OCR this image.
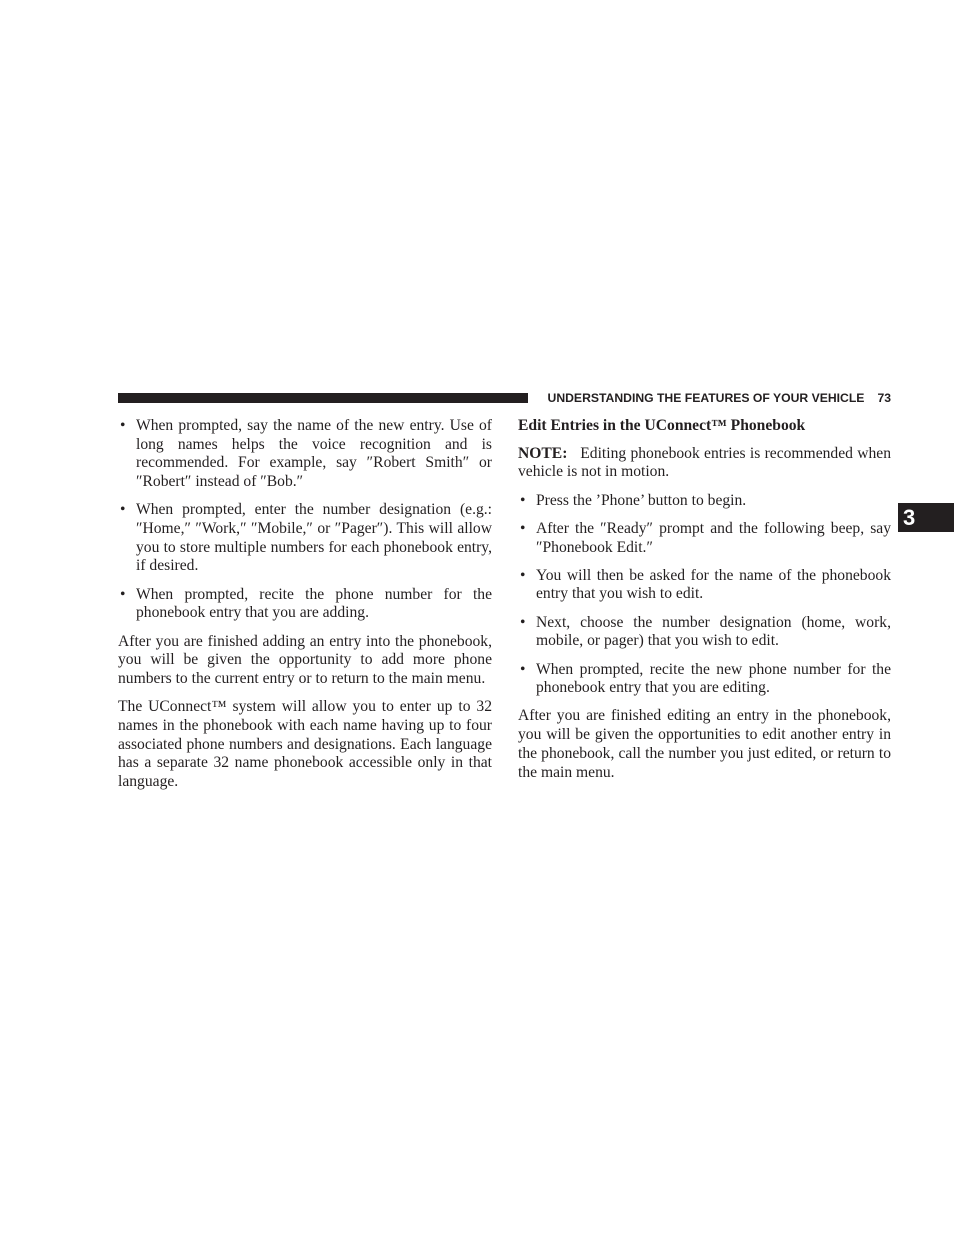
UNDERSTANDING THE FEATURES OF YOUR VEHICLE 73
3
• When prompted, say the name of the new entry. Use of long names helps the voice recognition and is recommended. For example, say ″Robert Smith″ or ″Robert″ instead of ″Bob.″
• When prompted, enter the number designation (e.g.: ″Home,″ ″Work,″ ″Mobile,″ or ″Pager″). This will allow you to store multiple numbers for each phonebook entry, if desired.
• When prompted, recite the phone number for the phonebook entry that you are adding.

After you are finished adding an entry into the phonebook, you will be given the opportunity to add more phone numbers to the current entry or to return to the main menu.

The UConnect™ system will allow you to enter up to 32 names in the phonebook with each name having up to four associated phone numbers and designations. Each language has a separate 32 name phonebook accessible only in that language.

Edit Entries in the UConnect™ Phonebook

NOTE: Editing phonebook entries is recommended when vehicle is not in motion.

• Press the ’Phone’ button to begin.
• After the ″Ready″ prompt and the following beep, say ″Phonebook Edit.″
• You will then be asked for the name of the phonebook entry that you wish to edit.
• Next, choose the number designation (home, work, mobile, or pager) that you wish to edit.
• When prompted, recite the new phone number for the phonebook entry that you are editing.

After you are finished editing an entry in the phonebook, you will be given the opportunities to edit another entry in the phonebook, call the number you just edited, or return to the main menu.
